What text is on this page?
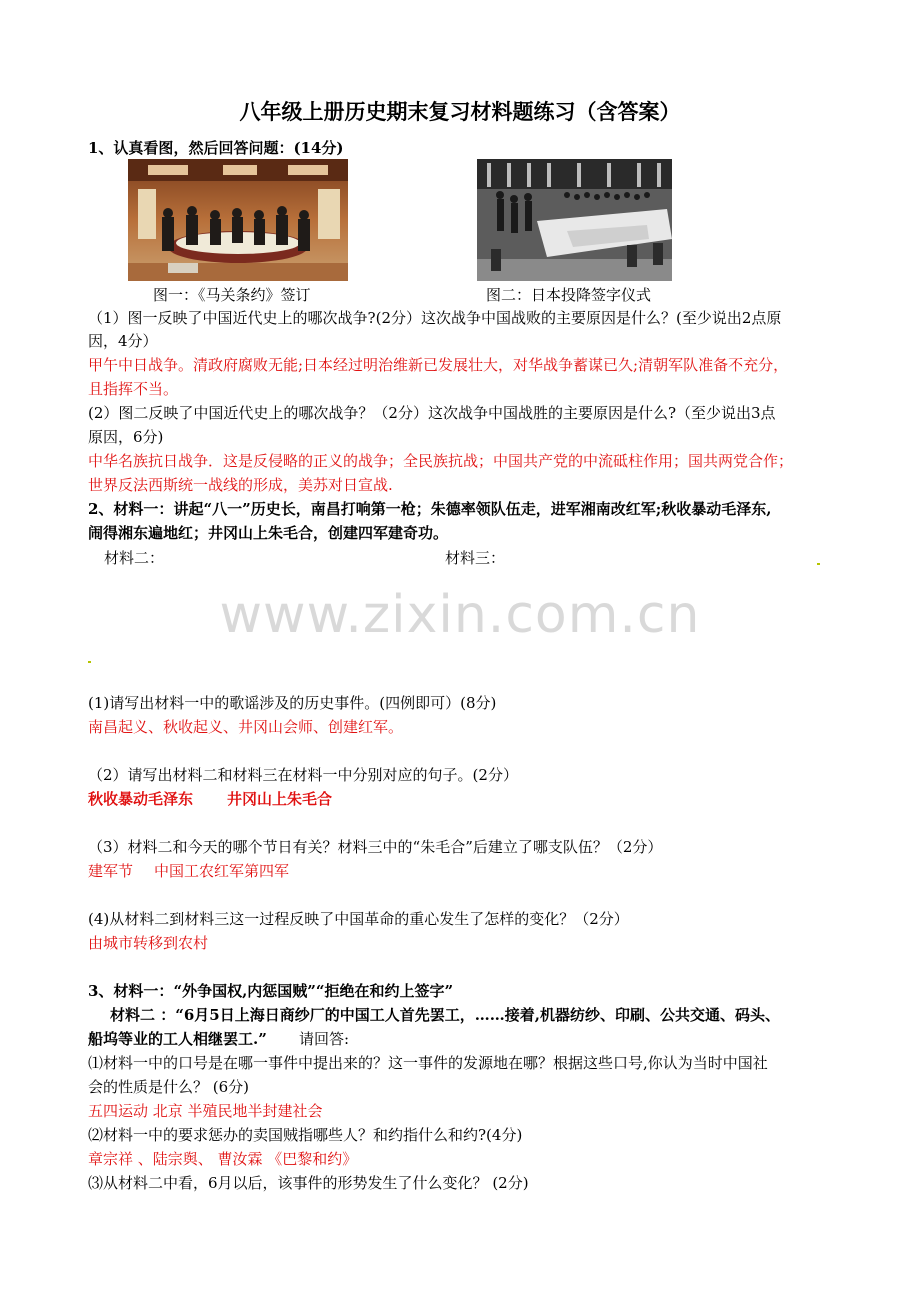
八年级上册历史期末复习材料题练习（含答案）
1、认真看图，然后回答问题：(14分)
图一：《马关条约》签订	图二：日本投降签字仪式
（1）图一反映了中国近代史上的哪次战争?(2分）这次战争中国战败的主要原因是什么？(至少说出2点原
因，4分）
甲午中日战争。清政府腐败无能;日本经过明治维新已发展壮大，对华战争蓄谋已久;清朝军队准备不充分，
且指挥不当。
(2）图二反映了中国近代史上的哪次战争？（2分）这次战争中国战胜的主要原因是什么?（至少说出3点
原因，6分)
中华名族抗日战争．这是反侵略的正义的战争；全民族抗战；中国共产党的中流砥柱作用；国共两党合作；
世界反法西斯统一战线的形成，美苏对日宣战.
2、材料一：讲起“八一”历史长，南昌打响第一枪；朱德率领队伍走，进军湘南改红军;秋收暴动毛泽东,
闹得湘东遍地红；井冈山上朱毛合，创建四军建奇功。
材料二：	材料三：
www.zixin.com.cn
(1)请写出材料一中的歌谣涉及的历史事件。(四例即可）(8分)
南昌起义、秋收起义、井冈山会师、创建红军。
（2）请写出材料二和材料三在材料一中分别对应的句子。(2分）
秋收暴动毛泽东	井冈山上朱毛合
（3）材料二和今天的哪个节日有关？材料三中的“朱毛合”后建立了哪支队伍？（2分）
建军节	中国工农红军第四军
(4)从材料二到材料三这一过程反映了中国革命的重心发生了怎样的变化？（2分）
由城市转移到农村
3、材料一：“外争国权,内惩国贼”“拒绝在和约上签字”
材料二 ：“6月5日上海日商纱厂的中国工人首先罢工，……接着,机器纺纱、印刷、公共交通、码头、
船坞等业的工人相继罢工.”	请回答:
⑴材料一中的口号是在哪一事件中提出来的？这一事件的发源地在哪？根据这些口号,你认为当时中国社
会的性质是什么？ (6分)
五四运动 北京 半殖民地半封建社会
⑵材料一中的要求惩办的卖国贼指哪些人？和约指什么和约?(4分)
章宗祥 、陆宗舆、 曹汝霖 《巴黎和约》
⑶从材料二中看，6月以后，该事件的形势发生了什么变化？ (2分)
